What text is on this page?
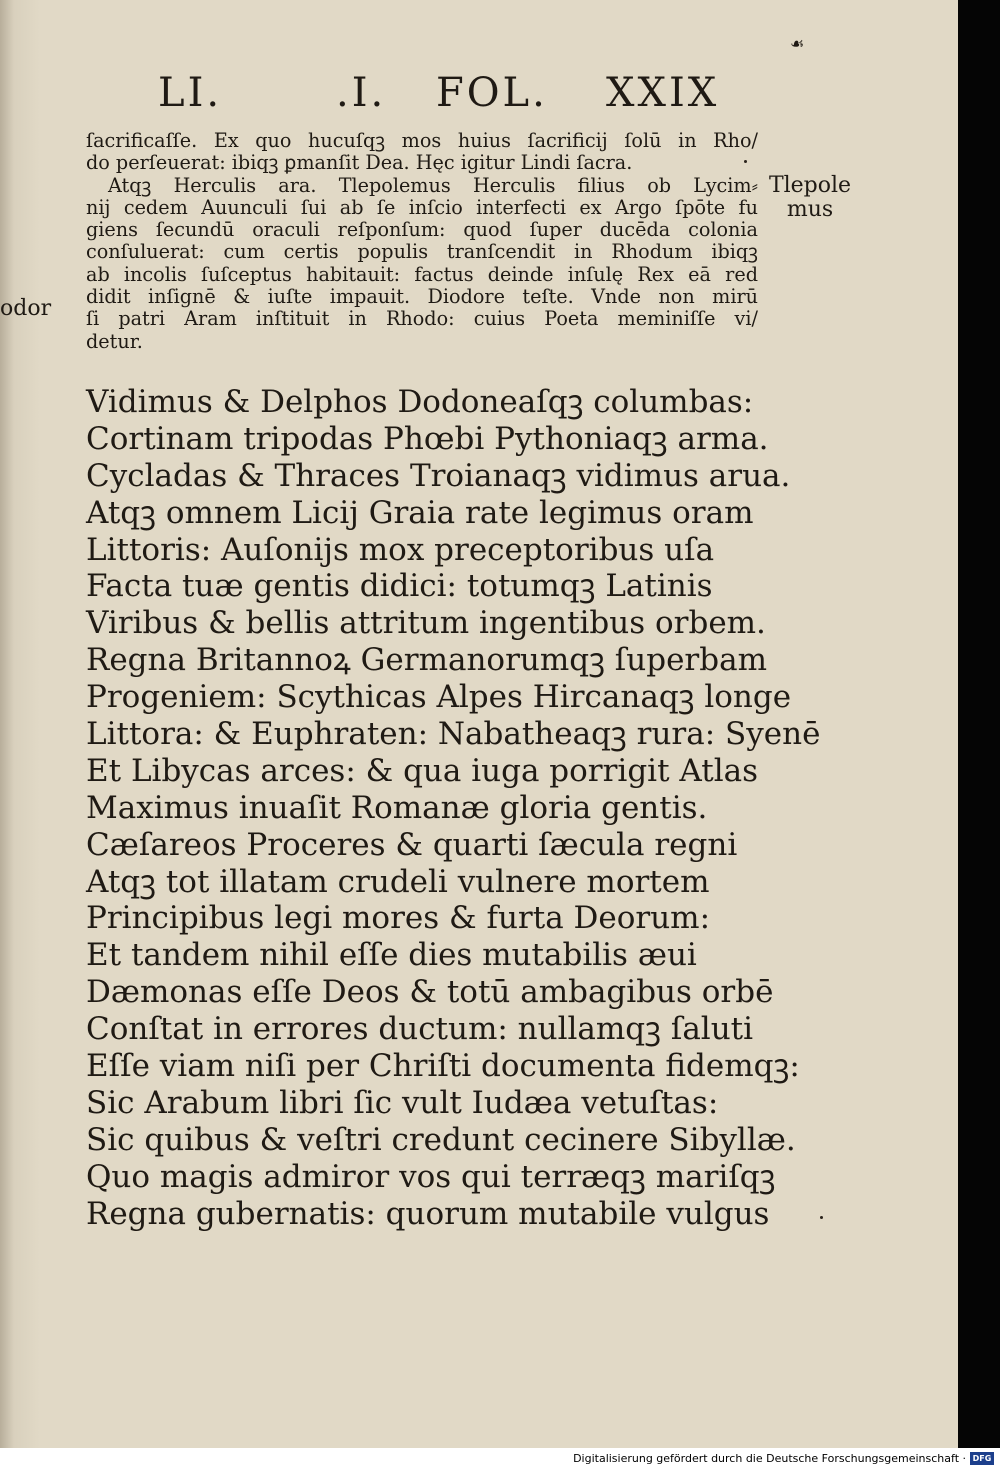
☙
LI.	.I. FOL. XXIX
ſacrificaſſe. Ex quo hucuſqꝫ mos huius ſacrificij ſolū in Rho/
do perſeuerat: ibiqꝫ ꝑmanſit Dea. Hęc igitur Lindi ſacra.
Atqꝫ Herculis ara. Tlepolemus Herculis filius ob Lycim⸗
nij cedem Auunculi ſui ab ſe inſcio interfecti ex Argo ſpōte fu
giens ſecundū oraculi reſponſum: quod ſuper ducēda colonia
conſuluerat: cum certis populis tranſcendit in Rhodum ibiqꝫ
ab incolis ſuſceptus habitauit: factus deinde inſulę Rex eā red
didit inſignē & iuſte impauit. Diodore teſte. Vnde non mirū
ſi patri Aram inſtituit in Rhodo: cuius Poeta meminiſſe vi/
detur.
Vidimus & Delphos Dodoneaſqꝫ columbas:
Cortinam tripodas Phœbi Pythoniaqꝫ arma.
Cycladas & Thraces Troianaqꝫ vidimus arua.
Atqꝫ omnem Licij Graia rate legimus oram
Littoris: Auſonijs mox preceptoribus uſa
Facta tuæ gentis didici: totumqꝫ Latinis
Viribus & bellis attritum ingentibus orbem.
Regna Britannoꝝ Germanorumqꝫ ſuperbam
Progeniem: Scythicas Alpes Hircanaqꝫ longe
Littora: & Euphraten: Nabatheaqꝫ rura: Syenē
Et Libycas arces: & qua iuga porrigit Atlas
Maximus inuaſit Romanæ gloria gentis.
Cæſareos Proceres & quarti ſæcula regni
Atqꝫ tot illatam crudeli vulnere mortem
Principibus legi mores & furta Deorum:
Et tandem nihil eſſe dies mutabilis æui
Dæmonas eſſe Deos & totū ambagibus orbē
Conſtat in errores ductum: nullamqꝫ ſaluti
Eſſe viam niſi per Chriſti documenta fidemqꝫ:
Sic Arabum libri ſic vult Iudæa vetuſtas:
Sic quibus & veſtri credunt cecinere Sibyllæ.
Quo magis admiror vos qui terræqꝫ mariſqꝫ
Regna gubernatis: quorum mutabile vulgus
Tlepole
mus
odor
Digitalisierung gefördert durch die Deutsche Forschungsgemeinschaft · DFG
